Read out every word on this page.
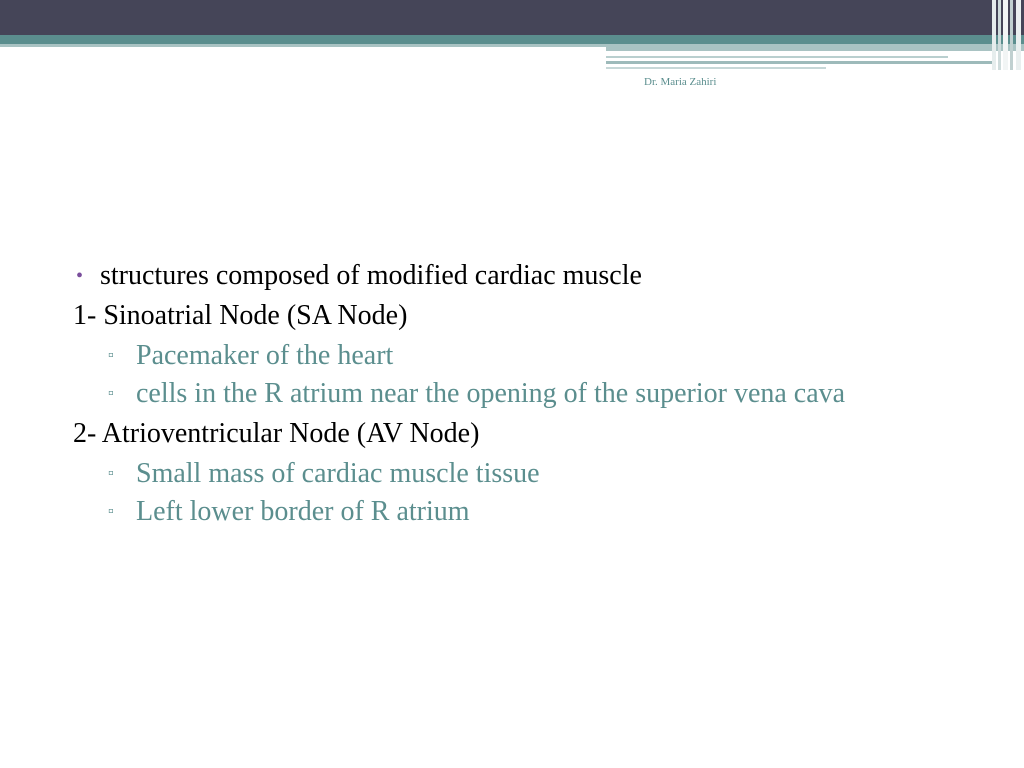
Dr. Maria Zahiri
• structures composed of modified cardiac muscle
1- Sinoatrial Node (SA Node)
▫ Pacemaker of the heart
▫ cells in the R atrium near the opening of the superior vena cava
2- Atrioventricular Node (AV Node)
▫ Small mass of cardiac muscle tissue
▫ Left lower border of R atrium
